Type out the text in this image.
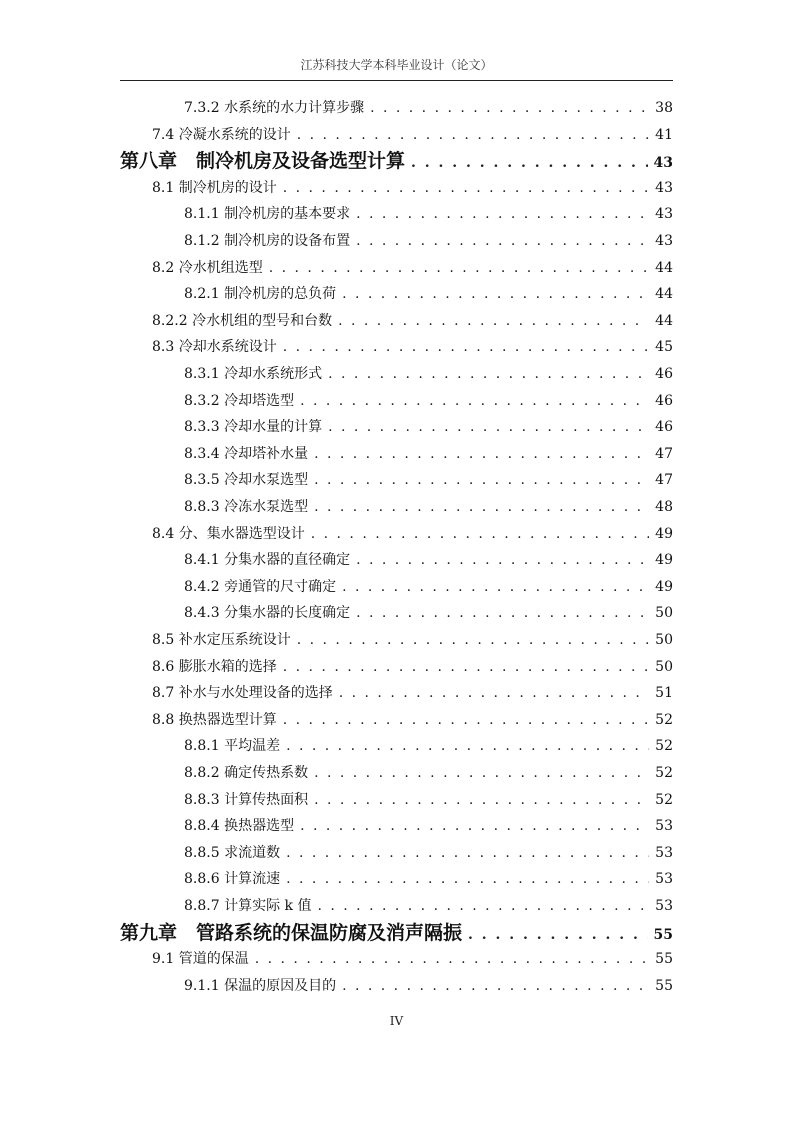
江苏科技大学本科毕业设计（论文）
7.3.2 水系统的水力计算步骤 . . .	38
7.4 冷凝水系统的设计 . . .	41
第八章　制冷机房及设备选型计算 . . .	43
8.1 制冷机房的设计 . . .	43
8.1.1 制冷机房的基本要求 . . .	43
8.1.2 制冷机房的设备布置 . . .	43
8.2 冷水机组选型 . . .	44
8.2.1 制冷机房的总负荷 . . .	44
8.2.2 冷水机组的型号和台数 . . .	44
8.3 冷却水系统设计 . . .	45
8.3.1 冷却水系统形式 . . .	46
8.3.2 冷却塔选型 . . .	46
8.3.3 冷却水量的计算 . . .	46
8.3.4 冷却塔补水量 . . .	47
8.3.5 冷却水泵选型 . . .	47
8.8.3 冷冻水泵选型 . . .	48
8.4 分、集水器选型设计 . . .	49
8.4.1 分集水器的直径确定 . . .	49
8.4.2 旁通管的尺寸确定 . . .	49
8.4.3 分集水器的长度确定 . . .	50
8.5 补水定压系统设计 . . .	50
8.6 膨胀水箱的选择 . . .	50
8.7 补水与水处理设备的选择 . . .	51
8.8 换热器选型计算 . . .	52
8.8.1 平均温差 . . .	52
8.8.2 确定传热系数 . . .	52
8.8.3 计算传热面积 . . .	52
8.8.4 换热器选型 . . .	53
8.8.5 求流道数 . . .	53
8.8.6 计算流速 . . .	53
8.8.7 计算实际 k 值 . . .	53
第九章　管路系统的保温防腐及消声隔振 . . .	55
9.1 管道的保温 . . .	55
9.1.1 保温的原因及目的 . . .	55
IV
